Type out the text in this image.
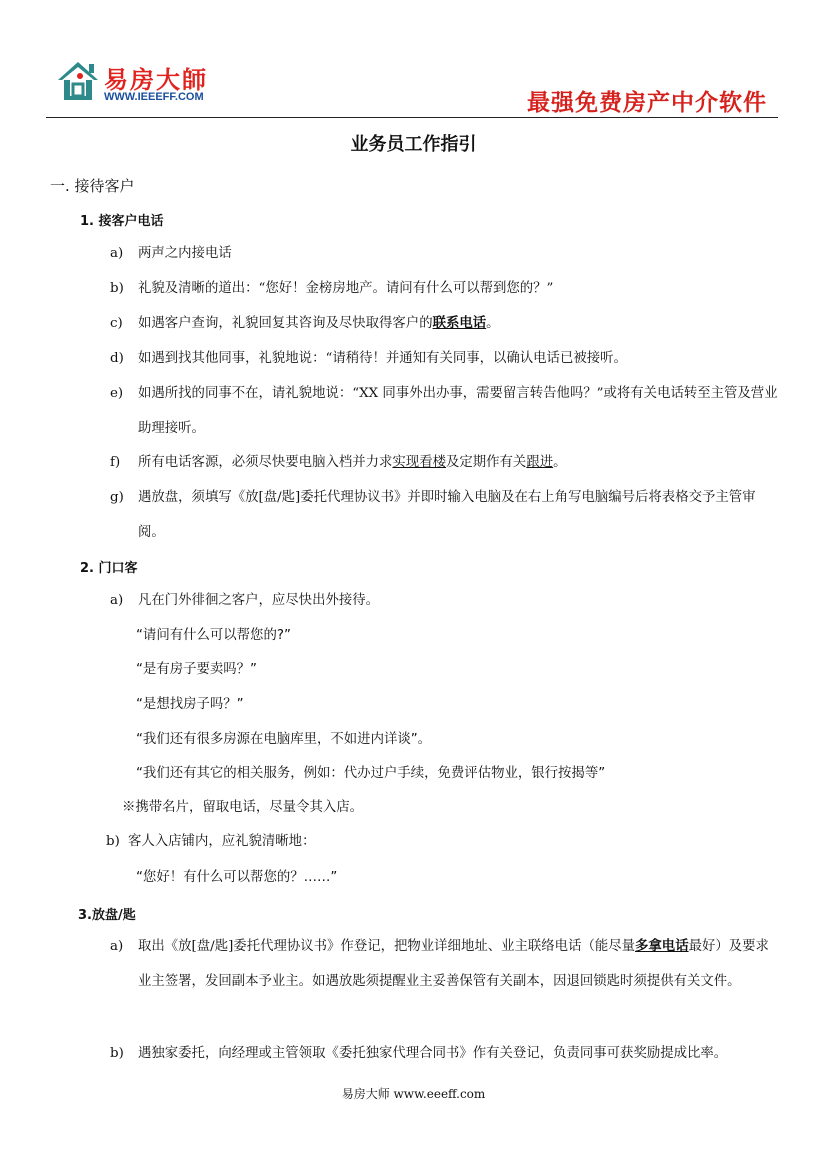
易房大師
WWW.IEEEFF.COM	最强免费房产中介软件
业务员工作指引
一. 接待客户
1. 接客户电话
a)	两声之内接电话
b)	礼貌及清晰的道出：“您好！金榜房地产。请问有什么可以帮到您的？”
c)	如遇客户查询，礼貌回复其咨询及尽快取得客户的联系电话。
d)	如遇到找其他同事，礼貌地说：“请稍待！并通知有关同事，以确认电话已被接听。
e)	如遇所找的同事不在，请礼貌地说：“XX 同事外出办事，需要留言转告他吗？”或将有关电话转至主管及营业助理接听。
f)	所有电话客源，必须尽快要电脑入档并力求实现看楼及定期作有关跟进。
g)	遇放盘，须填写《放[盘/匙]委托代理协议书》并即时输入电脑及在右上角写电脑编号后将表格交予主管审阅。
2. 门口客
a)	凡在门外徘徊之客户，应尽快出外接待。
“请问有什么可以帮您的?”
“是有房子要卖吗？”
“是想找房子吗？”
“我们还有很多房源在电脑库里，不如进内详谈”。
“我们还有其它的相关服务，例如：代办过户手续，免费评估物业，银行按揭等”
※携带名片，留取电话，尽量令其入店。
b) 客人入店铺内，应礼貌清晰地：
“您好！有什么可以帮您的？……”
3.放盘/匙
a)	取出《放[盘/匙]委托代理协议书》作登记，把物业详细地址、业主联络电话（能尽量多拿电话最好）及要求业主签署，发回副本予业主。如遇放匙须提醒业主妥善保管有关副本，因退回锁匙时须提供有关文件。
b)	遇独家委托，向经理或主管领取《委托独家代理合同书》作有关登记，负责同事可获奖励提成比率。
易房大师 www.eeeff.com
